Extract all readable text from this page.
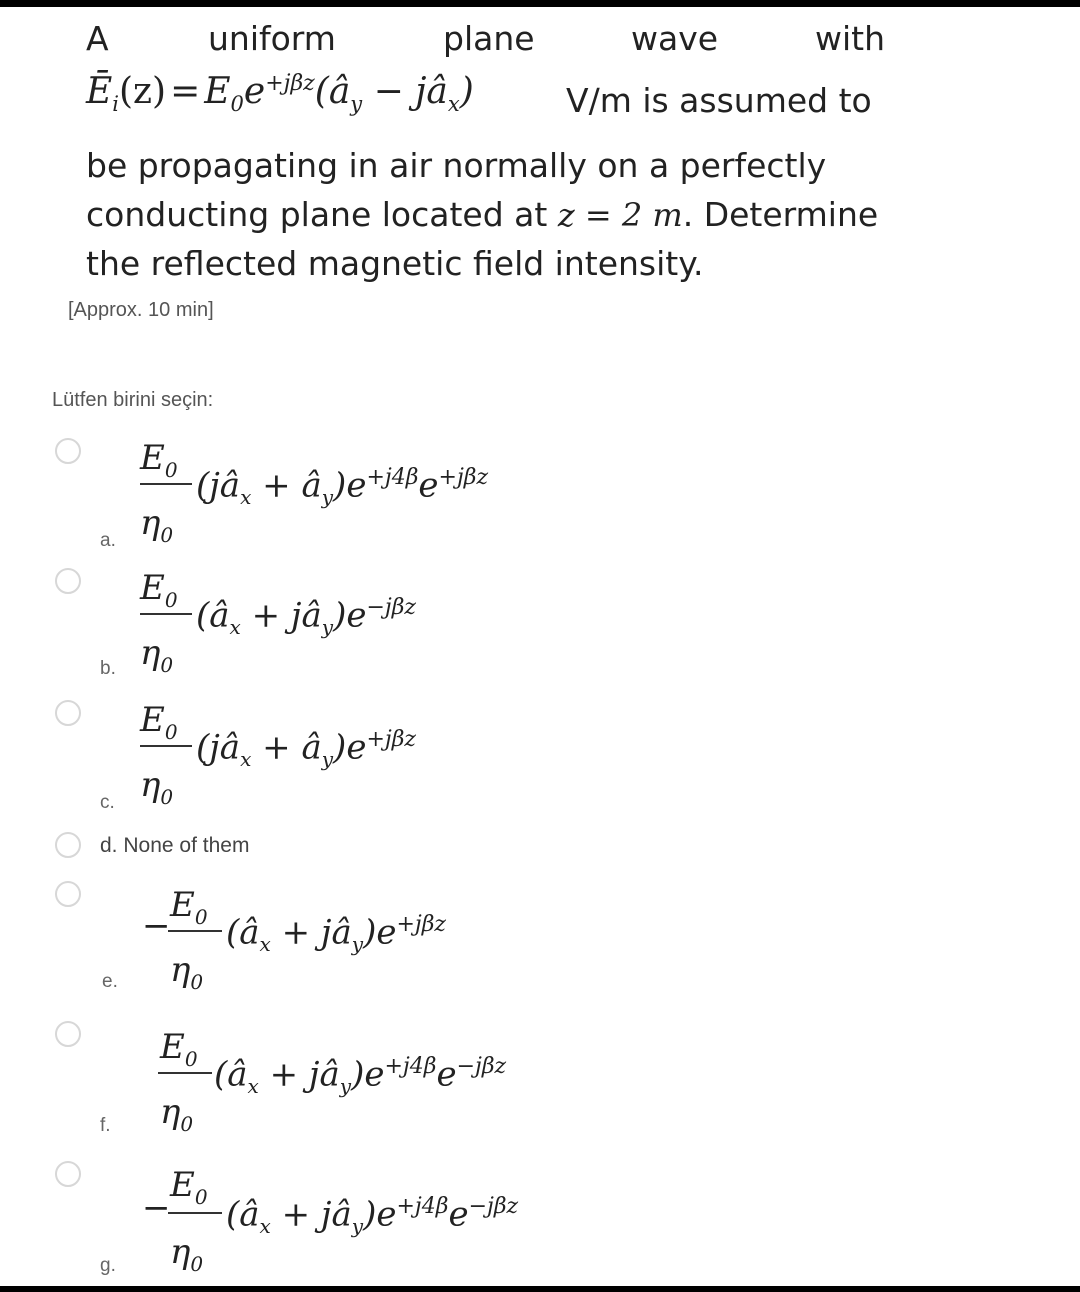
A	uniform	plane	wave	with
$Ē_i(z)$ = $E_0e^{+j\beta z}(â_y$ − $jâ_x$)	V/m is assumed to
be propagating in air normally on a perfectly
conducting plane located at z = 2 m. Determine
the reflected magnetic field intensity.
[Approx. 10 min]
Lütfen birini seçin:
a.
$E_0$
$\eta_0$
($jâ_x$ + $â_y)e^{+j4\beta}e^{+j\beta z}$
b.
$E_0$
$\eta_0$
($â_x$ + $jâ_y)e^{-j\beta z}$
c.
$E_0$
$\eta_0$
($jâ_x$ + $â_y)e^{+j\beta z}$
d. None of them
e.
−
$E_0$
$\eta_0$
($â_x$ + $jâ_y)e^{+j\beta z}$
f.
$E_0$
$\eta_0$
($â_x$ + $jâ_y)e^{+j4\beta}e^{-j\beta z}$
g.
−
$E_0$
$\eta_0$
($â_x$ + $jâ_y)e^{+j4\beta}e^{-j\beta z}$
